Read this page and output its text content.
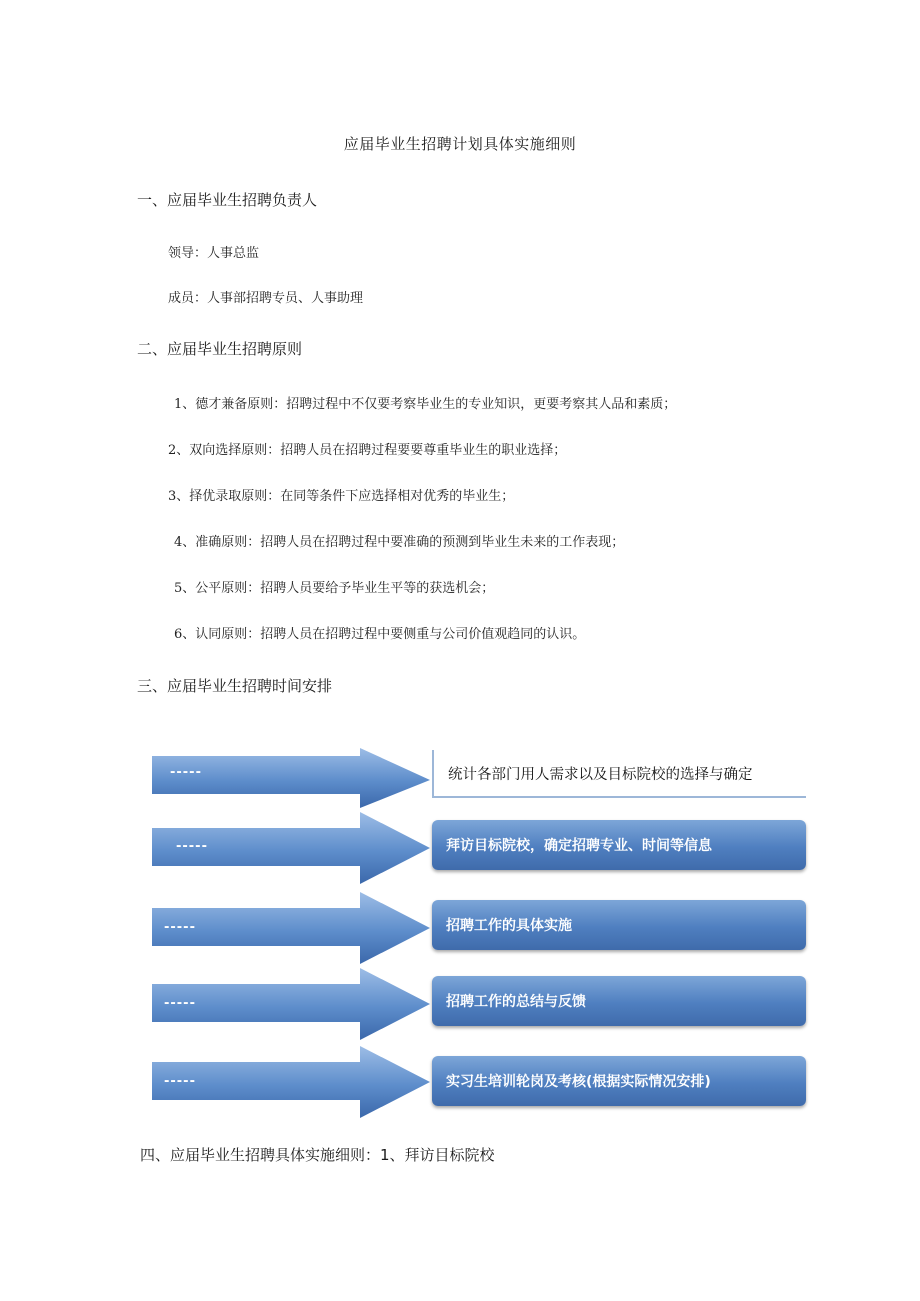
应届毕业生招聘计划具体实施细则
一、应届毕业生招聘负责人
领导：人事总监
成员：人事部招聘专员、人事助理
二、应届毕业生招聘原则
1、德才兼备原则：招聘过程中不仅要考察毕业生的专业知识，更要考察其人品和素质；
2、双向选择原则：招聘人员在招聘过程要要尊重毕业生的职业选择；
3、择优录取原则：在同等条件下应选择相对优秀的毕业生；
4、准确原则：招聘人员在招聘过程中要准确的预测到毕业生未来的工作表现；
5、公平原则：招聘人员要给予毕业生平等的获选机会；
6、认同原则：招聘人员在招聘过程中要侧重与公司价值观趋同的认识。
三、应届毕业生招聘时间安排
-----	统计各部门用人需求以及目标院校的选择与确定
-----	拜访目标院校，确定招聘专业、时间等信息
-----	招聘工作的具体实施
-----	招聘工作的总结与反馈
-----	实习生培训轮岗及考核(根据实际情况安排)
四、应届毕业生招聘具体实施细则：1、拜访目标院校
